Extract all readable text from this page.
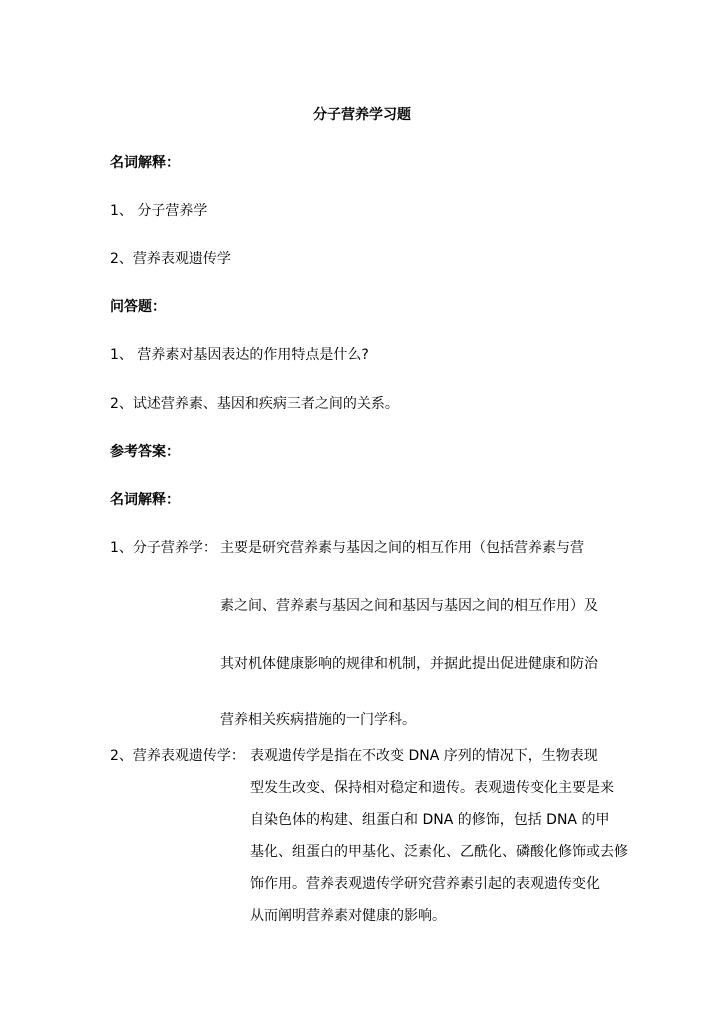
分子营养学习题
名词解释：
1、 分子营养学
2、营养表观遗传学
问答题：
1、 营养素对基因表达的作用特点是什么?
2、试述营养素、基因和疾病三者之间的关系。
参考答案：
名词解释：
1、分子营养学： 主要是研究营养素与基因之间的相互作用（包括营养素与营
素之间、营养素与基因之间和基因与基因之间的相互作用）及
其对机体健康影响的规律和机制，并据此提出促进健康和防治
营养相关疾病措施的一门学科。
2、营养表观遗传学： 表观遗传学是指在不改变 DNA 序列的情况下，生物表现
型发生改变、保持相对稳定和遗传。表观遗传变化主要是来
自染色体的构建、组蛋白和 DNA 的修饰，包括 DNA 的甲
基化、组蛋白的甲基化、泛素化、乙酰化、磷酸化修饰或去修
饰作用。营养表观遗传学研究营养素引起的表观遗传变化
从而阐明营养素对健康的影响。
